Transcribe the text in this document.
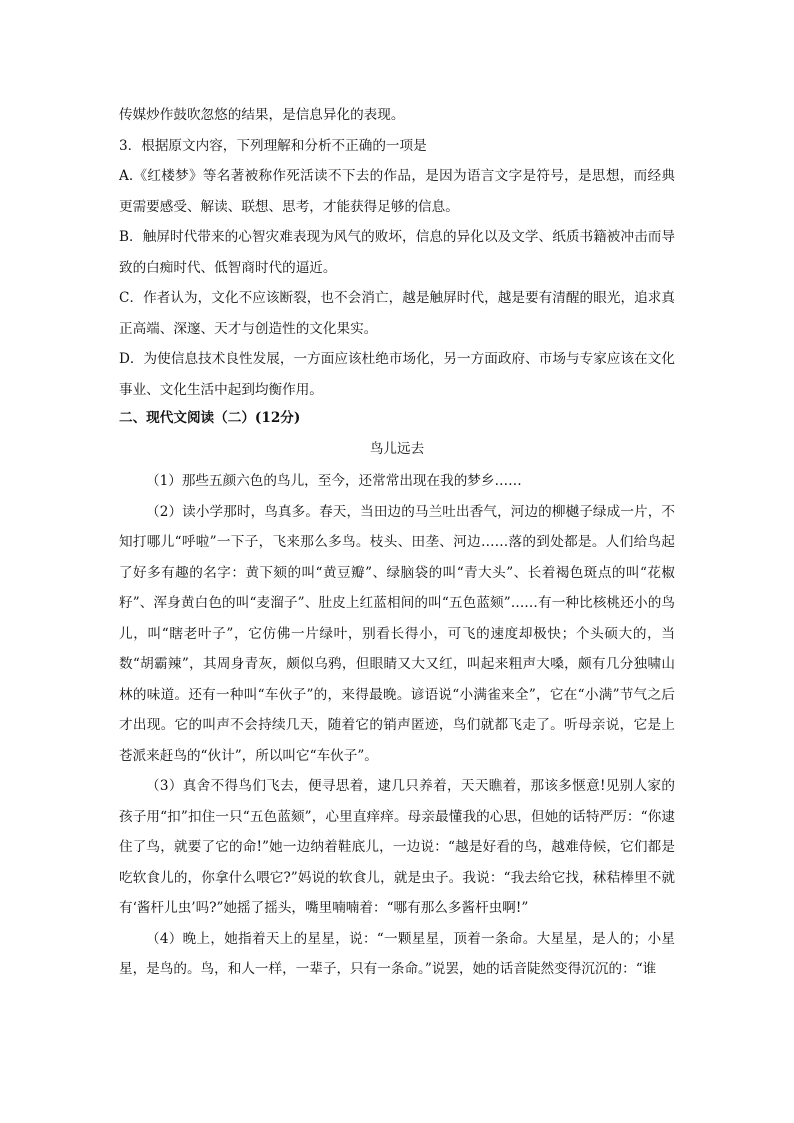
传媒炒作鼓吹忽悠的结果，是信息异化的表现。

3．根据原文内容，下列理解和分析不正确的一项是

A.《红楼梦》等名著被称作死活读不下去的作品，是因为语言文字是符号，是思想，而经典更需要感受、解读、联想、思考，才能获得足够的信息。

B．触屏时代带来的心智灾难表现为风气的败坏，信息的异化以及文学、纸质书籍被冲击而导致的白痴时代、低智商时代的逼近。

C．作者认为，文化不应该断裂，也不会消亡，越是触屏时代，越是要有清醒的眼光，追求真正高端、深邃、天才与创造性的文化果实。

D．为使信息技术良性发展，一方面应该杜绝市场化，另一方面政府、市场与专家应该在文化事业、文化生活中起到均衡作用。

二、现代文阅读（二）(12分)

鸟儿远去

（1）那些五颜六色的鸟儿，至今，还常常出现在我的梦乡……

（2）读小学那时，鸟真多。春天，当田边的马兰吐出香气，河边的柳樾子绿成一片，不知打哪儿“呼啦”一下子，飞来那么多鸟。枝头、田垄、河边……落的到处都是。人们给鸟起了好多有趣的名字：黄下颏的叫“黄豆瓣”、绿脑袋的叫“青大头”、长着褐色斑点的叫“花椒籽”、浑身黄白色的叫“麦溜子”、肚皮上红蓝相间的叫“五色蓝颏”……有一种比核桃还小的鸟儿，叫“瞎老叶子”，它仿佛一片绿叶，别看长得小，可飞的速度却极快；个头硕大的，当数“胡霸辣”，其周身青灰，颇似乌鸦，但眼睛又大又红，叫起来粗声大嗓，颇有几分独啸山林的味道。还有一种叫“车伙子”的，来得最晚。谚语说“小满雀来全”，它在“小满”节气之后才出现。它的叫声不会持续几天，随着它的销声匿迹，鸟们就都飞走了。听母亲说，它是上苍派来赶鸟的“伙计”，所以叫它“车伙子”。

（3）真舍不得鸟们飞去，便寻思着，逮几只养着，天天瞧着，那该多惬意!见别人家的孩子用“扣”扣住一只“五色蓝颏”，心里直痒痒。母亲最懂我的心思，但她的话特严厉：“你逮住了鸟，就要了它的命!”她一边纳着鞋底儿，一边说：“越是好看的鸟，越难侍候，它们都是吃软食儿的，你拿什么喂它?”妈说的软食儿，就是虫子。我说：“我去给它找，秫秸棒里不就有‘酱杆儿虫’吗?”她摇了摇头，嘴里喃喃着：“哪有那么多酱杆虫啊!”

（4）晚上，她指着天上的星星，说：“一颗星星，顶着一条命。大星星，是人的；小星星，是鸟的。鸟，和人一样，一辈子，只有一条命。”说罢，她的话音陡然变得沉沉的：“谁
